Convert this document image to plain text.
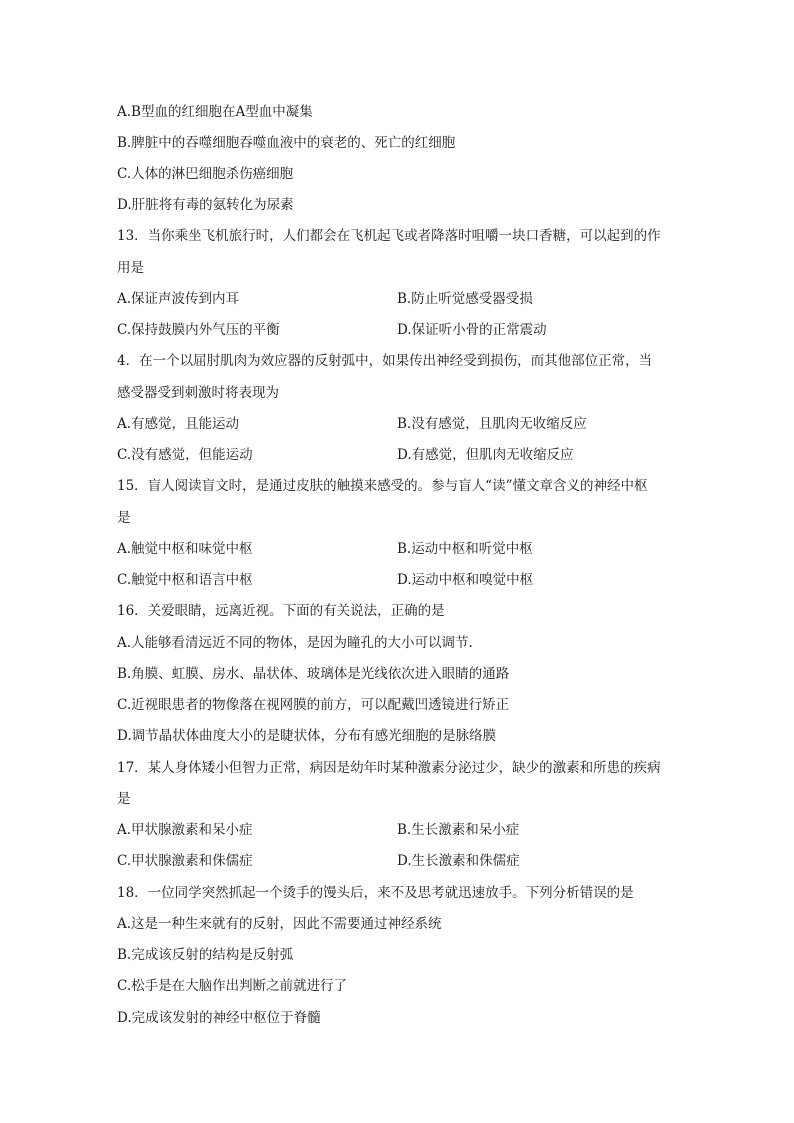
A.B型血的红细胞在A型血中凝集
B.脾脏中的吞噬细胞吞噬血液中的衰老的、死亡的红细胞
C.人体的淋巴细胞杀伤癌细胞
D.肝脏将有毒的氨转化为尿素
13．当你乘坐飞机旅行时，人们都会在飞机起飞或者降落时咀嚼一块口香糖，可以起到的作
用是
A.保证声波传到内耳	B.防止听觉感受器受损
C.保持鼓膜内外气压的平衡	D.保证听小骨的正常震动
4．在一个以屈肘肌肉为效应器的反射弧中，如果传出神经受到损伤，而其他部位正常，当
感受器受到刺激时将表现为
A.有感觉，且能运动	B.没有感觉，且肌肉无收缩反应
C.没有感觉，但能运动	D.有感觉，但肌肉无收缩反应
15．盲人阅读盲文时，是通过皮肤的触摸来感受的。参与盲人“读”懂文章含义的神经中枢
是
A.触觉中枢和味觉中枢	B.运动中枢和听觉中枢
C.触觉中枢和语言中枢	D.运动中枢和嗅觉中枢
16．关爱眼睛，远离近视。下面的有关说法，正确的是
A.人能够看清远近不同的物体，是因为瞳孔的大小可以调节.
B.角膜、虹膜、房水、晶状体、玻璃体是光线依次进入眼睛的通路
C.近视眼患者的物像落在视网膜的前方，可以配戴凹透镜进行矫正
D.调节晶状体曲度大小的是睫状体，分布有感光细胞的是脉络膜
17．某人身体矮小但智力正常，病因是幼年时某种激素分泌过少，缺少的激素和所患的疾病
是
A.甲状腺激素和呆小症	B.生长激素和呆小症
C.甲状腺激素和侏儒症	D.生长激素和侏儒症
18．一位同学突然抓起一个烫手的馒头后，来不及思考就迅速放手。下列分析错误的是
A.这是一种生来就有的反射，因此不需要通过神经系统
B.完成该反射的结构是反射弧
C.松手是在大脑作出判断之前就进行了
D.完成该发射的神经中枢位于脊髓
